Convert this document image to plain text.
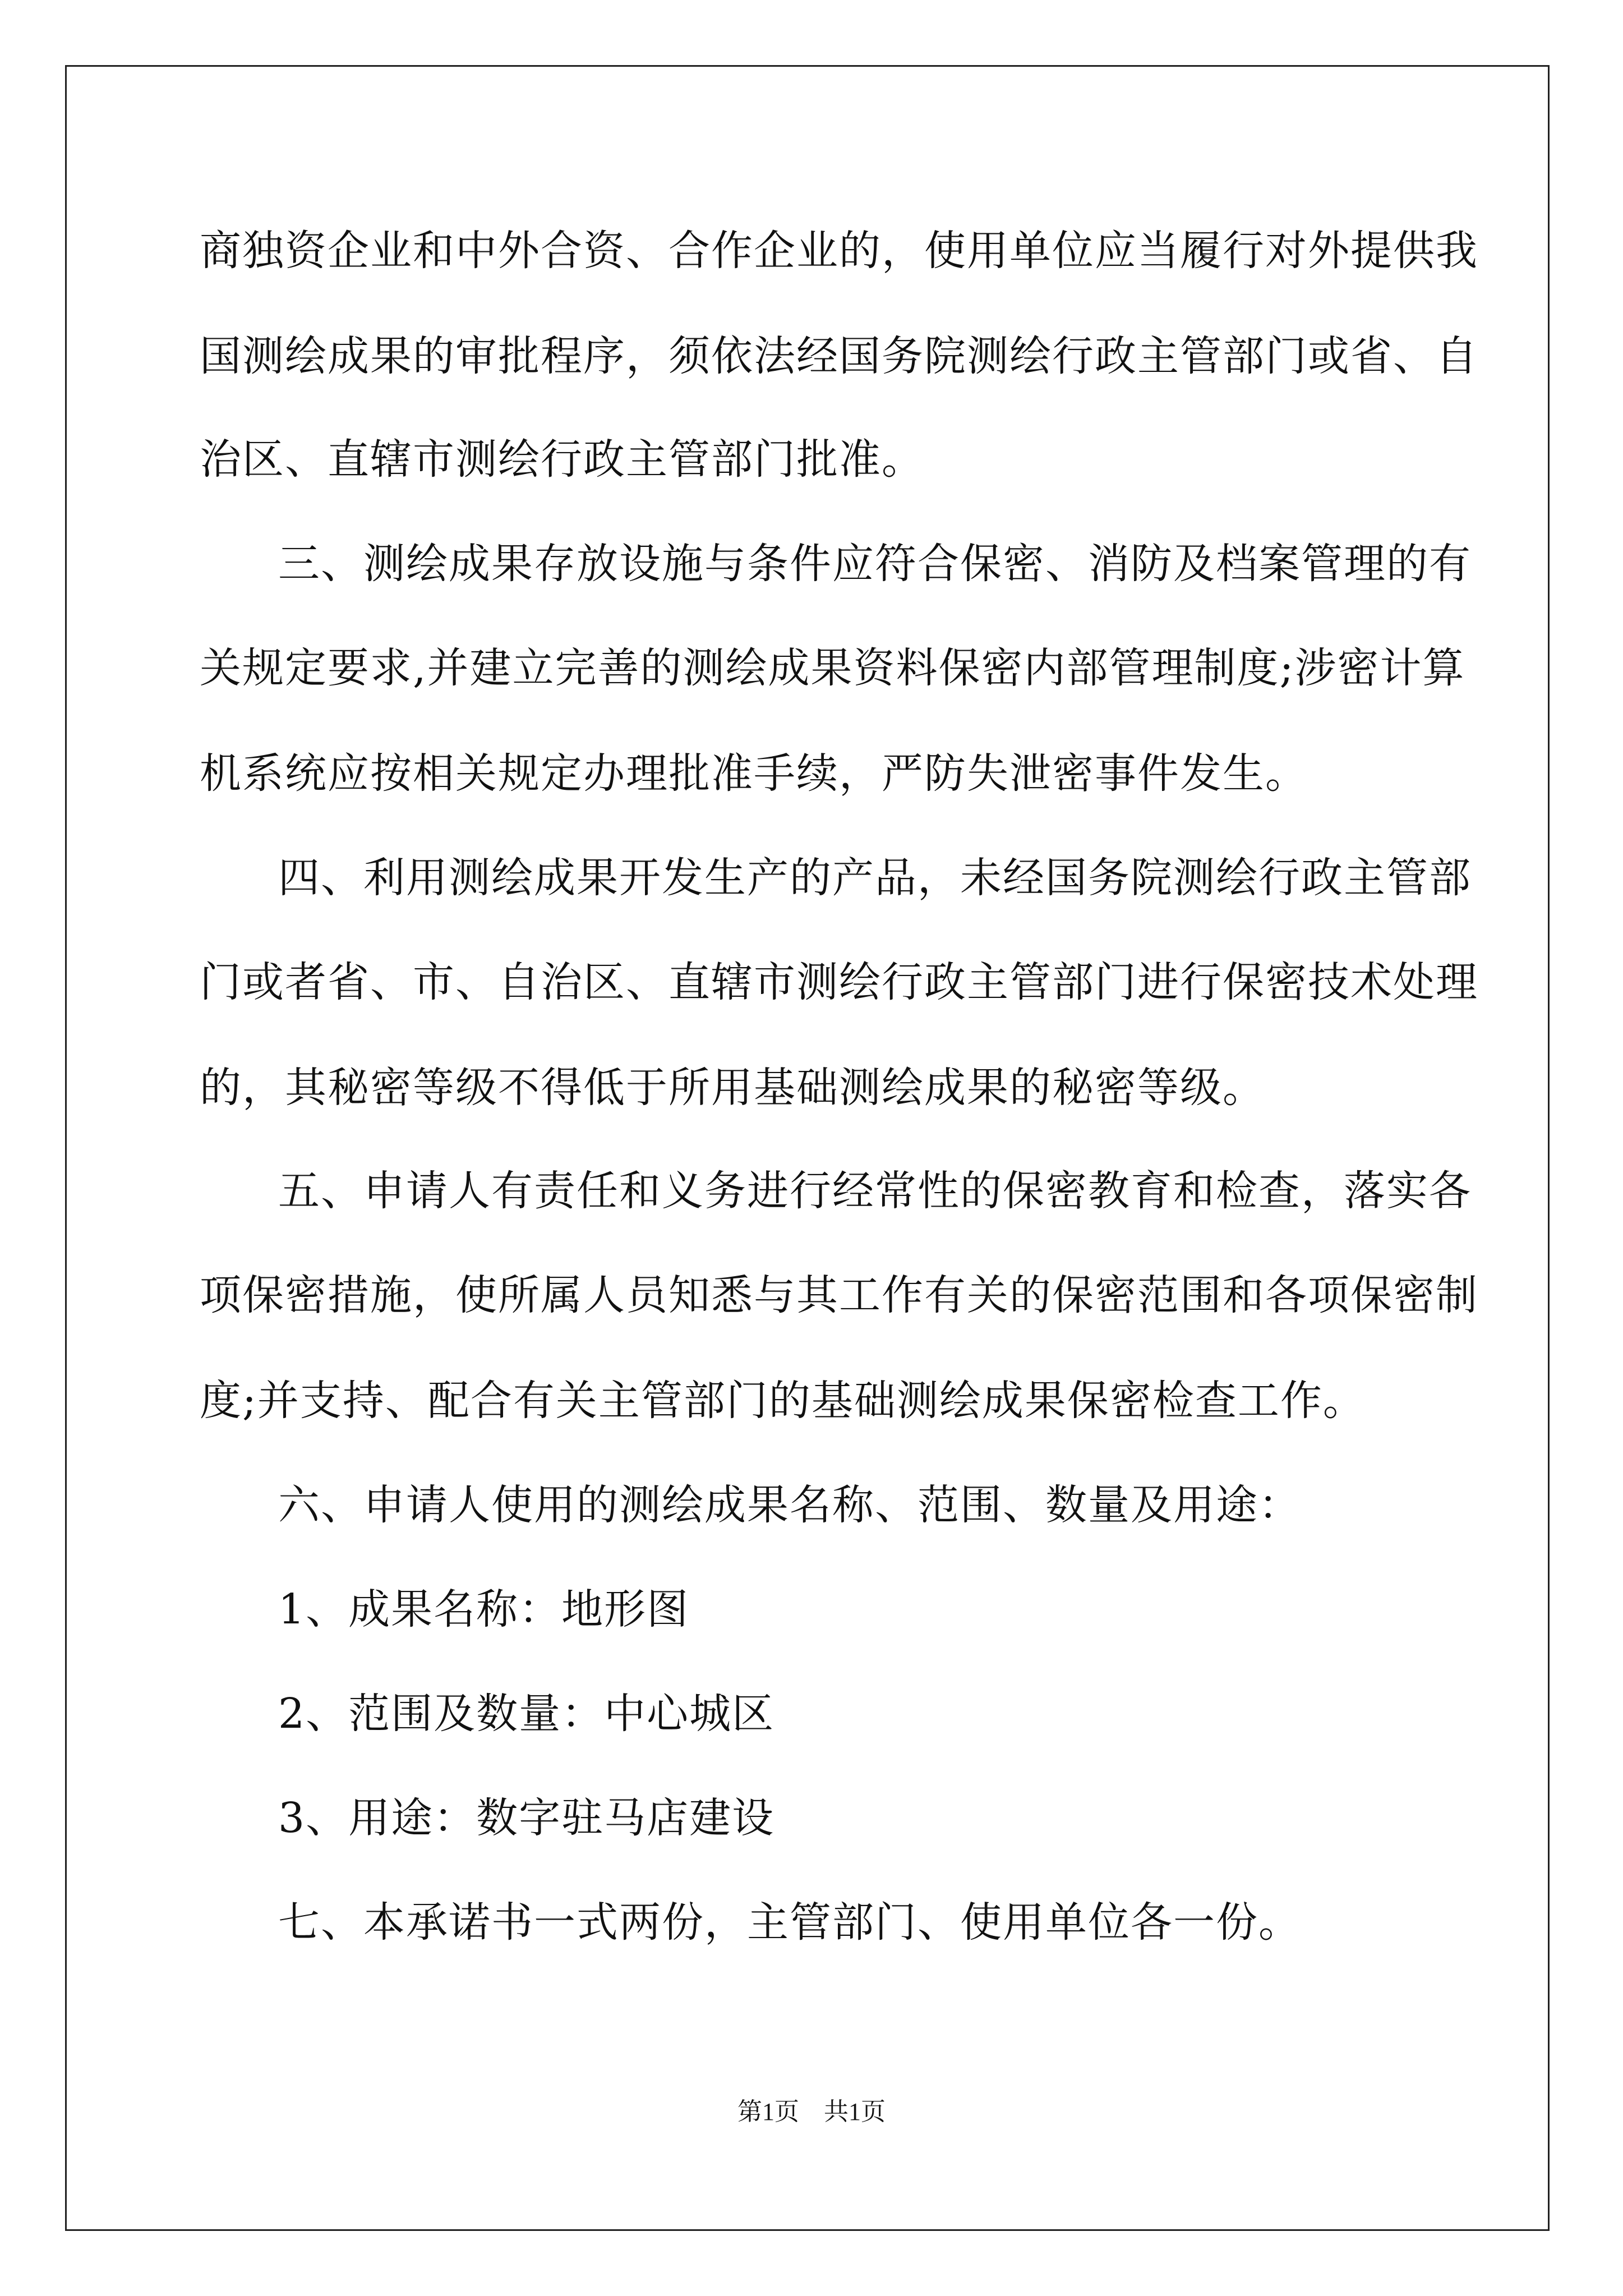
商独资企业和中外合资、合作企业的，使用单位应当履行对外提供我
国测绘成果的审批程序，须依法经国务院测绘行政主管部门或省、自
治区、直辖市测绘行政主管部门批准。
三、测绘成果存放设施与条件应符合保密、消防及档案管理的有
关规定要求,并建立完善的测绘成果资料保密内部管理制度;涉密计算
机系统应按相关规定办理批准手续，严防失泄密事件发生。
四、利用测绘成果开发生产的产品，未经国务院测绘行政主管部
门或者省、市、自治区、直辖市测绘行政主管部门进行保密技术处理
的，其秘密等级不得低于所用基础测绘成果的秘密等级。
五、申请人有责任和义务进行经常性的保密教育和检查，落实各
项保密措施，使所属人员知悉与其工作有关的保密范围和各项保密制
度;并支持、配合有关主管部门的基础测绘成果保密检查工作。
六、申请人使用的测绘成果名称、范围、数量及用途：
1、成果名称：地形图
2、范围及数量：中心城区
3、用途：数字驻马店建设
七、本承诺书一式两份，主管部门、使用单位各一份。
第1页　共1页
